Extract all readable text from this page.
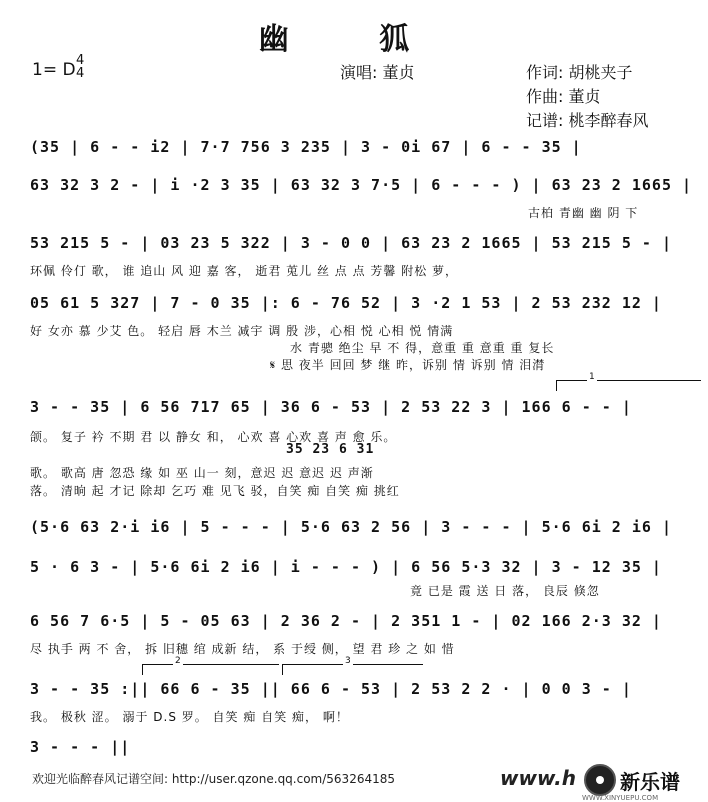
幽 狐
1= D 4
4	演唱: 董贞	作词: 胡桃夹子
作曲: 董贞
记谱: 桃李醉春风
(35 | 6 - - i2 | 7·7 756 3 235 | 3 - 0i 67 | 6 - - 35 |
63 32 3 2 - | i ·2 3 35 | 63 32 3 7·5 | 6 - - - ) | 63 23 2 1665 |
古柏 青幽 幽 阴 下
53 215 5 - | 03 23 5 322 | 3 - 0 0 | 63 23 2 1665 | 53 215 5 - |
环佩 伶仃 歌， 谁 追山 风 迎 嘉 客， 逝君 莵儿 丝 点 点 芳馨 附松 萝，
05 61 5 327 | 7 - 0 35 |: 6 - 76 52 | 3 ·2 1 53 | 2 53 232 12 |
好 女亦 慕 少艾 色。 轻启 唇 木兰 减宇 调 殷 涉，心相 悦 心相 悦 情满
水 青骢 绝尘 早 不 得，意重 重 意重 重 复长
𝄋 思 夜半 回回 梦 继 昨，诉别 情 诉别 情 泪潸
1
3 - - 35 | 6 56 717 65 | 36 6 - 53 | 2 53 22 3 | 166 6 - - |
颌。 复子 衿 不期 君 以 静女 和， 心欢 喜 心欢 喜 声 愈 乐。
35 23 6 31
歌。 歌高 唐 忽恐 缘 如 巫 山一 刻，意迟 迟 意迟 迟 声渐
落。 清晌 起 才记 除却 乞巧 难 见飞 驳，自笑 痴 自笑 痴 挑红
(5·6 63 2·i i6 | 5 - - - | 5·6 63 2 56 | 3 - - - | 5·6 6i 2 i6 |
5 · 6 3 - | 5·6 6i 2 i6 | i - - - ) | 6 56 5·3 32 | 3 - 12 35 |
竟 已是 霞 送 日 落， 良辰 倏忽
6 56 7 6·5 | 5 - 05 63 | 2 36 2 - | 2 351 1 - | 02 166 2·3 32 |
尽 执手 两 不 舍， 拆 旧穗 绾 成新 结， 系 于绶 侧， 望 君 珍 之 如 惜
2	3
3 - - 35 :|| 66 6 - 35 || 66 6 - 53 | 2 53 2 2 · | 0 0 3 - |
我。 极秋 涩。 溺于 D.S 罗。 自笑 痴 自笑 痴， 啊！
3 - - - ||
欢迎光临醉春风记谱空间: http://user.qzone.qq.com/563264185	www.h 新乐谱
WWW.XINYUEPU.COM
